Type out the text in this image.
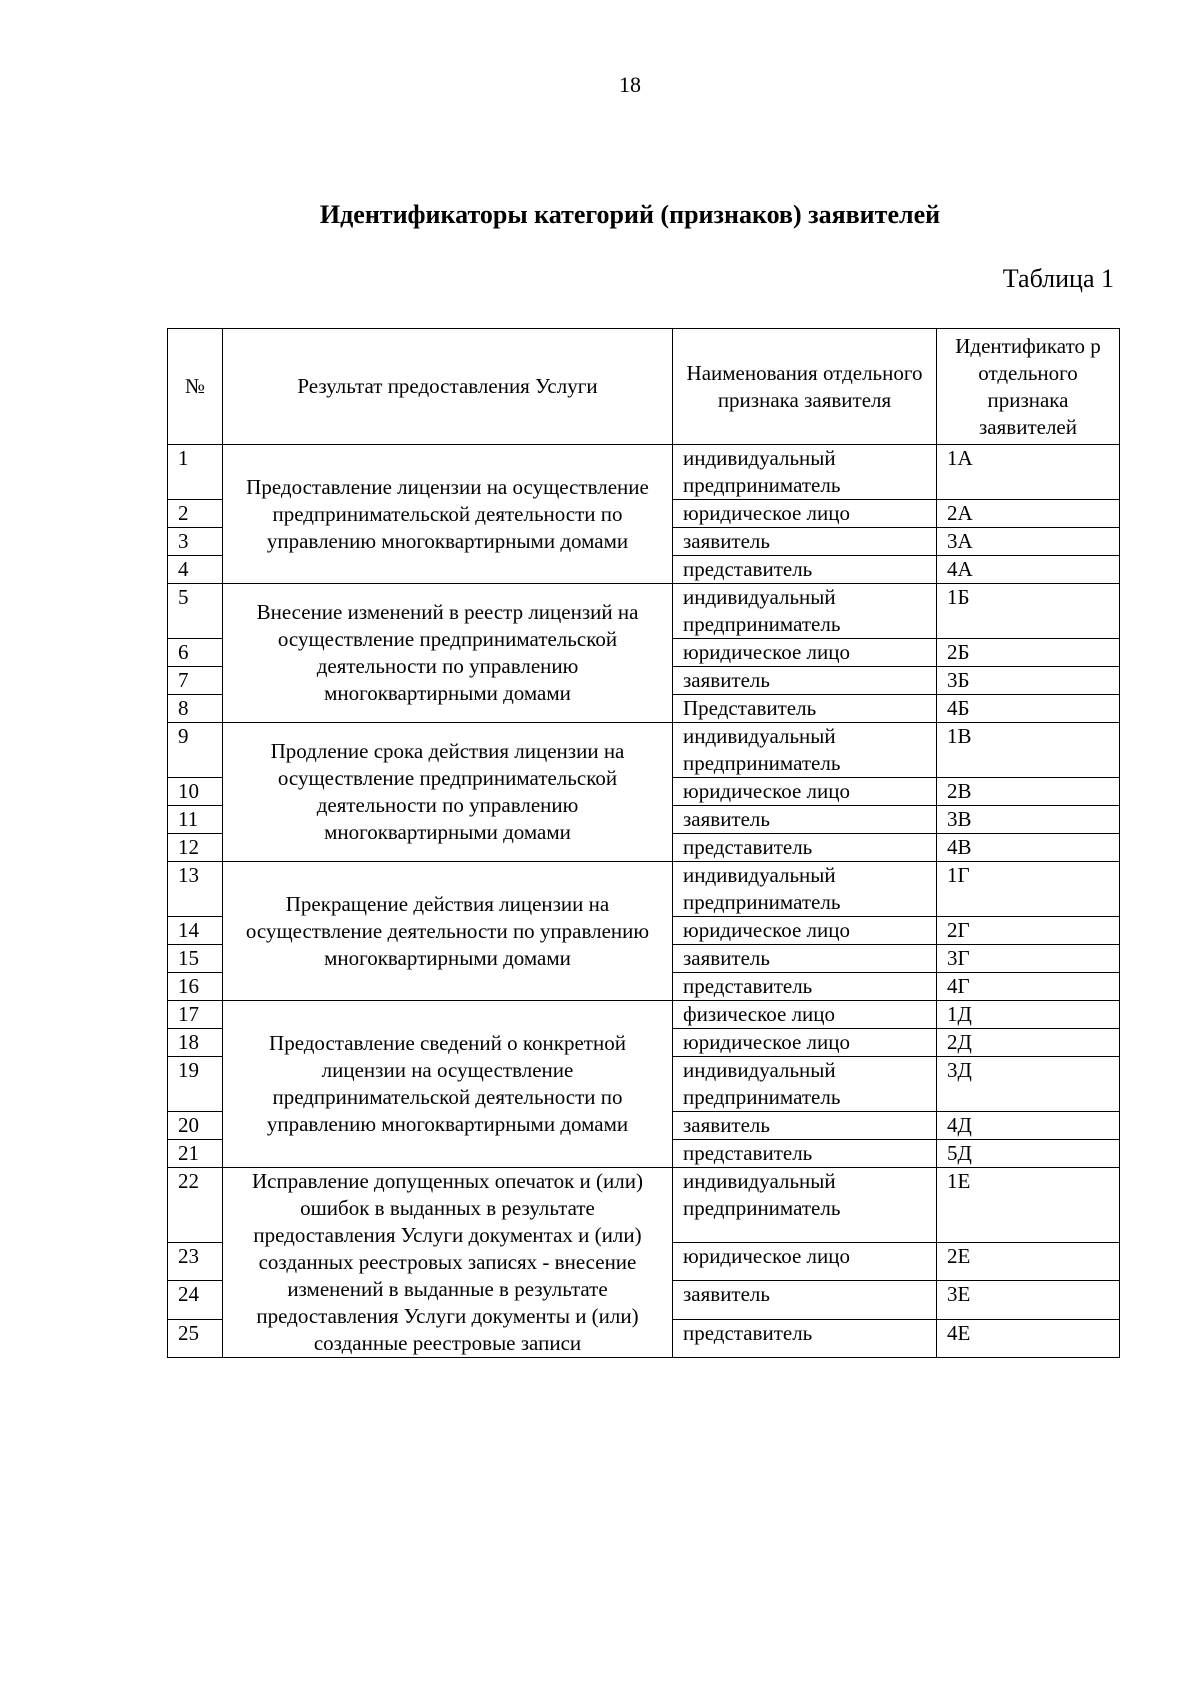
18
Идентификаторы категорий (признаков) заявителей
Таблица 1
№	Результат предоставления Услуги	Наименования отдельного признака заявителя	Идентификато р отдельного признака заявителей
1	Предоставление лицензии на осуществление предпринимательской деятельности по управлению многоквартирными домами	индивидуальный предприниматель	1А
2		юридическое лицо	2А
3		заявитель	3А
4		представитель	4А
5	Внесение изменений в реестр лицензий на осуществление предпринимательской деятельности по управлению многоквартирными домами	индивидуальный предприниматель	1Б
6		юридическое лицо	2Б
7		заявитель	3Б
8		Представитель	4Б
9	Продление срока действия лицензии на осуществление предпринимательской деятельности по управлению многоквартирными домами	индивидуальный предприниматель	1В
10		юридическое лицо	2В
11		заявитель	3В
12		представитель	4В
13	Прекращение действия лицензии на осуществление деятельности по управлению многоквартирными домами	индивидуальный предприниматель	1Г
14		юридическое лицо	2Г
15		заявитель	3Г
16		представитель	4Г
17	Предоставление сведений о конкретной лицензии на осуществление предпринимательской деятельности по управлению многоквартирными домами	физическое лицо	1Д
18		юридическое лицо	2Д
19		индивидуальный предприниматель	3Д
20		заявитель	4Д
21		представитель	5Д
22	Исправление допущенных опечаток и (или) ошибок в выданных в результате предоставления Услуги документах и (или) созданных реестровых записях - внесение изменений в выданные в результате предоставления Услуги документы и (или) созданные реестровые записи	индивидуальный предприниматель	1Е
23		юридическое лицо	2Е
24		заявитель	3Е
25		представитель	4Е
